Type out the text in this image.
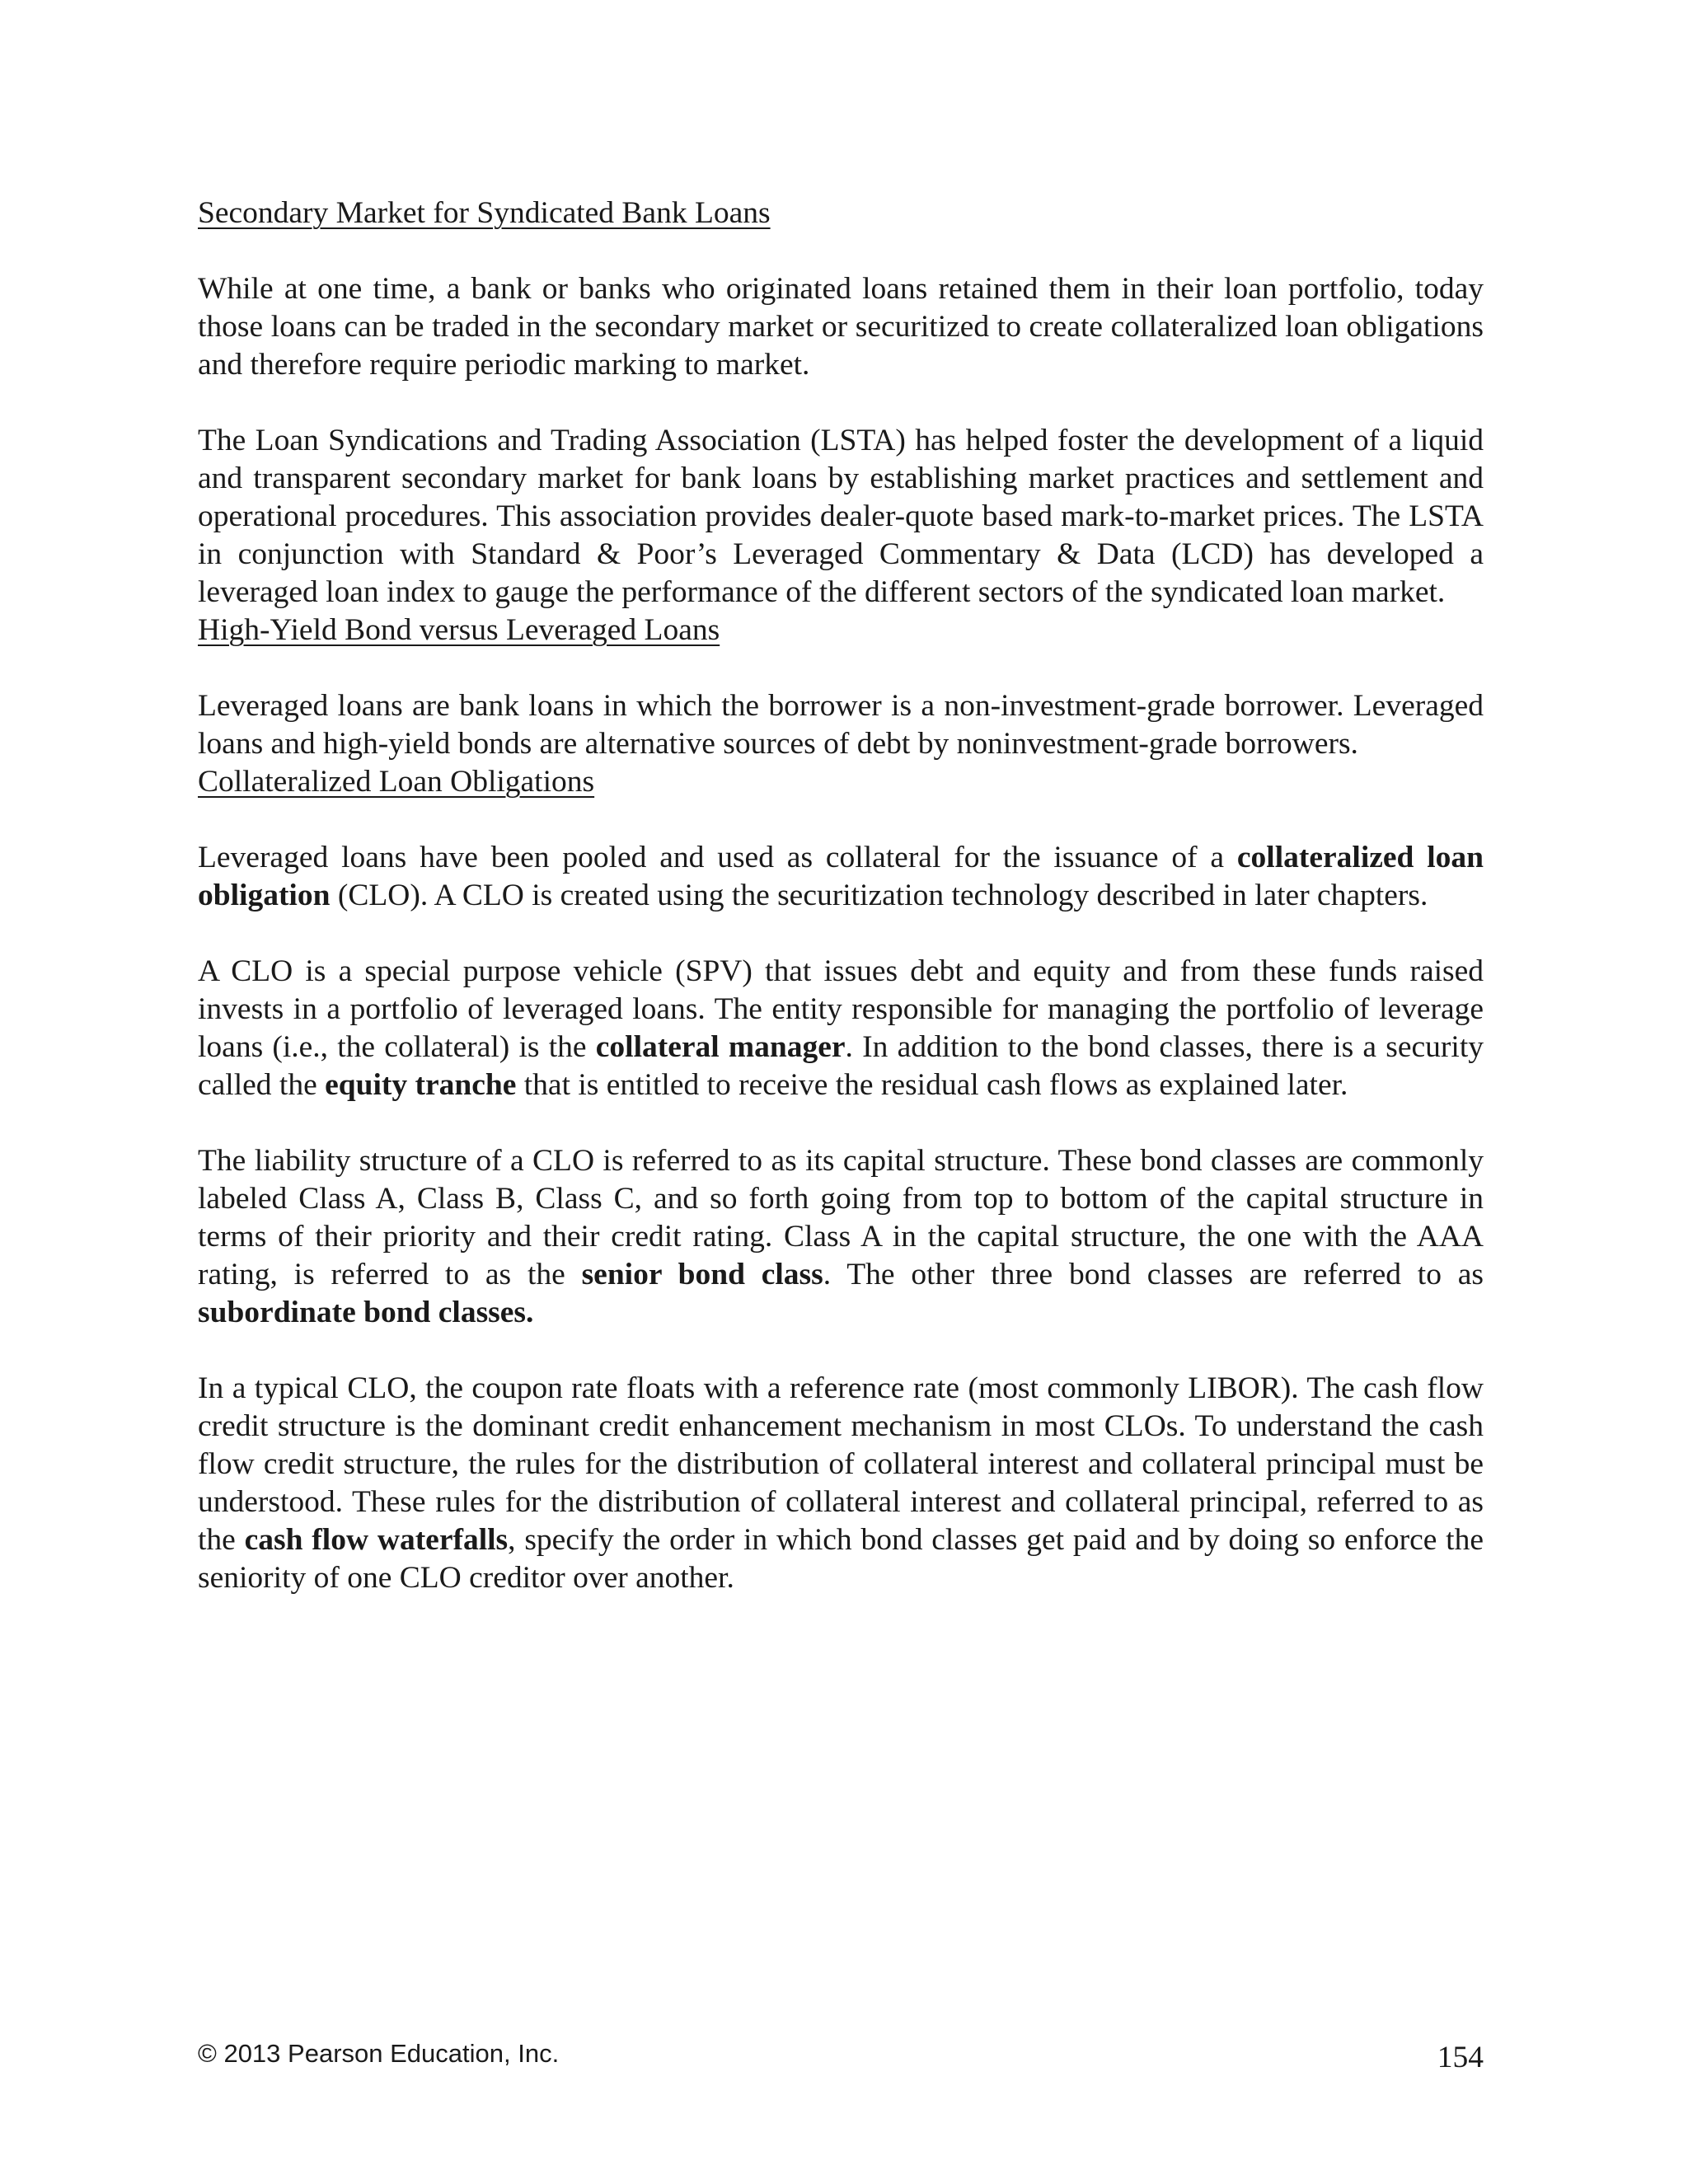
Secondary Market for Syndicated Bank Loans

While at one time, a bank or banks who originated loans retained them in their loan portfolio, today those loans can be traded in the secondary market or securitized to create collateralized loan obligations and therefore require periodic marking to market.

The Loan Syndications and Trading Association (LSTA) has helped foster the development of a liquid and transparent secondary market for bank loans by establishing market practices and settlement and operational procedures. This association provides dealer-quote based mark-to-market prices. The LSTA in conjunction with Standard & Poor’s Leveraged Commentary & Data (LCD) has developed a leveraged loan index to gauge the performance of the different sectors of the syndicated loan market.

High-Yield Bond versus Leveraged Loans

Leveraged loans are bank loans in which the borrower is a non-investment-grade borrower. Leveraged loans and high-yield bonds are alternative sources of debt by noninvestment-grade borrowers.

Collateralized Loan Obligations

Leveraged loans have been pooled and used as collateral for the issuance of a collateralized loan obligation (CLO). A CLO is created using the securitization technology described in later chapters.

A CLO is a special purpose vehicle (SPV) that issues debt and equity and from these funds raised invests in a portfolio of leveraged loans. The entity responsible for managing the portfolio of leverage loans (i.e., the collateral) is the collateral manager. In addition to the bond classes, there is a security called the equity tranche that is entitled to receive the residual cash flows as explained later.

The liability structure of a CLO is referred to as its capital structure. These bond classes are commonly labeled Class A, Class B, Class C, and so forth going from top to bottom of the capital structure in terms of their priority and their credit rating. Class A in the capital structure, the one with the AAA rating, is referred to as the senior bond class. The other three bond classes are referred to as subordinate bond classes.

In a typical CLO, the coupon rate floats with a reference rate (most commonly LIBOR). The cash flow credit structure is the dominant credit enhancement mechanism in most CLOs. To understand the cash flow credit structure, the rules for the distribution of collateral interest and collateral principal must be understood. These rules for the distribution of collateral interest and collateral principal, referred to as the cash flow waterfalls, specify the order in which bond classes get paid and by doing so enforce the seniority of one CLO creditor over another.

© 2013 Pearson Education, Inc.	154
